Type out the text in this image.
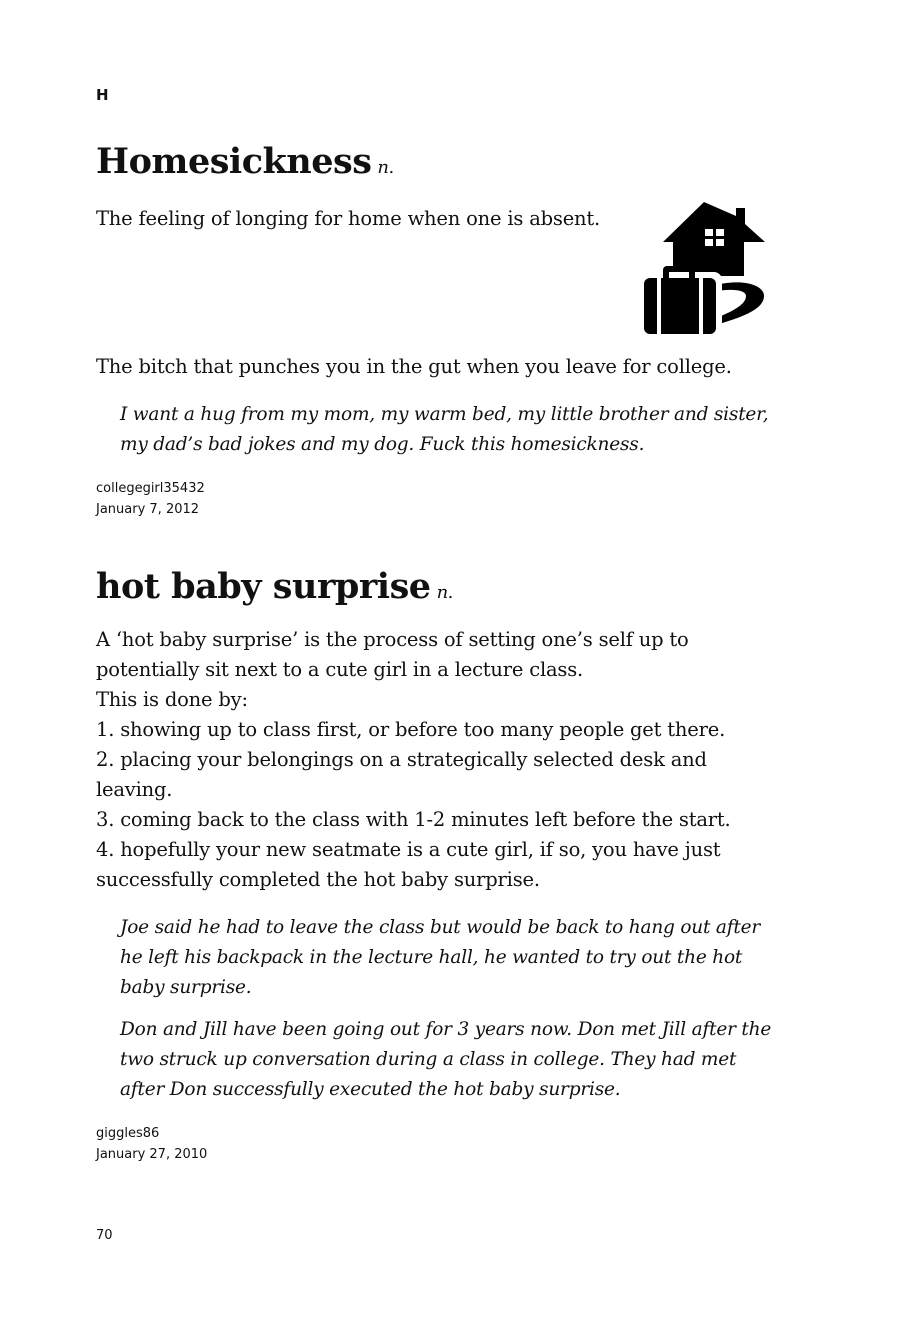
H
Homesickness n.

The feeling of longing for home when one is absent.

The bitch that punches you in the gut when you leave for college.

I want a hug from my mom, my warm bed, my little brother and sister, my dad’s bad jokes and my dog. Fuck this homesickness.

collegegirl35432
January 7, 2012
hot baby surprise n.

A ‘hot baby surprise’ is the process of setting one’s self up to potentially sit next to a cute girl in a lecture class.

This is done by:

1. showing up to class first, or before too many people get there.

2. placing your belongings on a strategically selected desk and leaving.

3. coming back to the class with 1-2 minutes left before the start.

4. hopefully your new seatmate is a cute girl, if so, you have just successfully completed the hot baby surprise.

Joe said he had to leave the class but would be back to hang out after he left his backpack in the lecture hall, he wanted to try out the hot baby surprise.

Don and Jill have been going out for 3 years now. Don met Jill after the two struck up conversation during a class in college. They had met after Don successfully executed the hot baby surprise.

giggles86
January 27, 2010
70
